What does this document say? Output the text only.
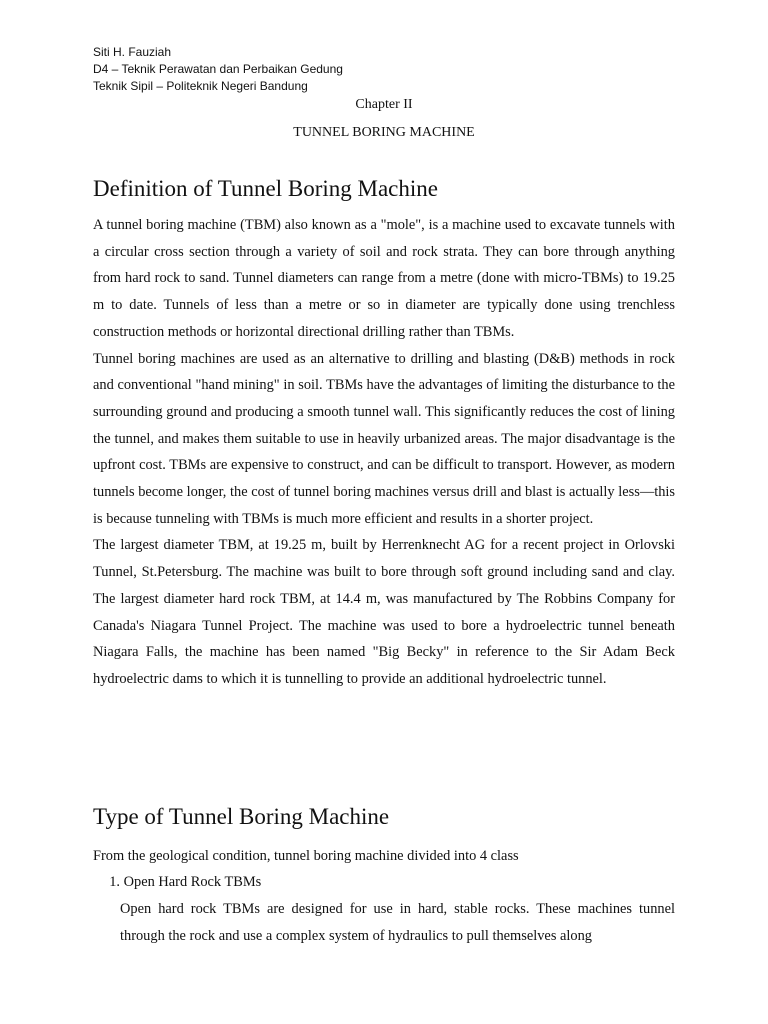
Siti H. Fauziah
D4 – Teknik Perawatan dan Perbaikan Gedung
Teknik Sipil – Politeknik Negeri Bandung
Chapter II
TUNNEL BORING MACHINE
Definition of Tunnel Boring Machine

A tunnel boring machine (TBM) also known as a "mole", is a machine used to excavate tunnels with a circular cross section through a variety of soil and rock strata. They can bore through anything from hard rock to sand. Tunnel diameters can range from a metre (done with micro-TBMs) to 19.25 m to date. Tunnels of less than a metre or so in diameter are typically done using trenchless construction methods or horizontal directional drilling rather than TBMs.

Tunnel boring machines are used as an alternative to drilling and blasting (D&B) methods in rock and conventional "hand mining" in soil. TBMs have the advantages of limiting the disturbance to the surrounding ground and producing a smooth tunnel wall. This significantly reduces the cost of lining the tunnel, and makes them suitable to use in heavily urbanized areas. The major disadvantage is the upfront cost. TBMs are expensive to construct, and can be difficult to transport. However, as modern tunnels become longer, the cost of tunnel boring machines versus drill and blast is actually less—this is because tunneling with TBMs is much more efficient and results in a shorter project.

The largest diameter TBM, at 19.25 m, built by Herrenknecht AG for a recent project in Orlovski Tunnel, St.Petersburg. The machine was built to bore through soft ground including sand and clay. The largest diameter hard rock TBM, at 14.4 m, was manufactured by The Robbins Company for Canada's Niagara Tunnel Project. The machine was used to bore a hydroelectric tunnel beneath Niagara Falls, the machine has been named "Big Becky" in reference to the Sir Adam Beck hydroelectric dams to which it is tunnelling to provide an additional hydroelectric tunnel.

Type of Tunnel Boring Machine
From the geological condition, tunnel boring machine divided into 4 class
1. Open Hard Rock TBMs
Open hard rock TBMs are designed for use in hard, stable rocks. These machines tunnel through the rock and use a complex system of hydraulics to pull themselves along
